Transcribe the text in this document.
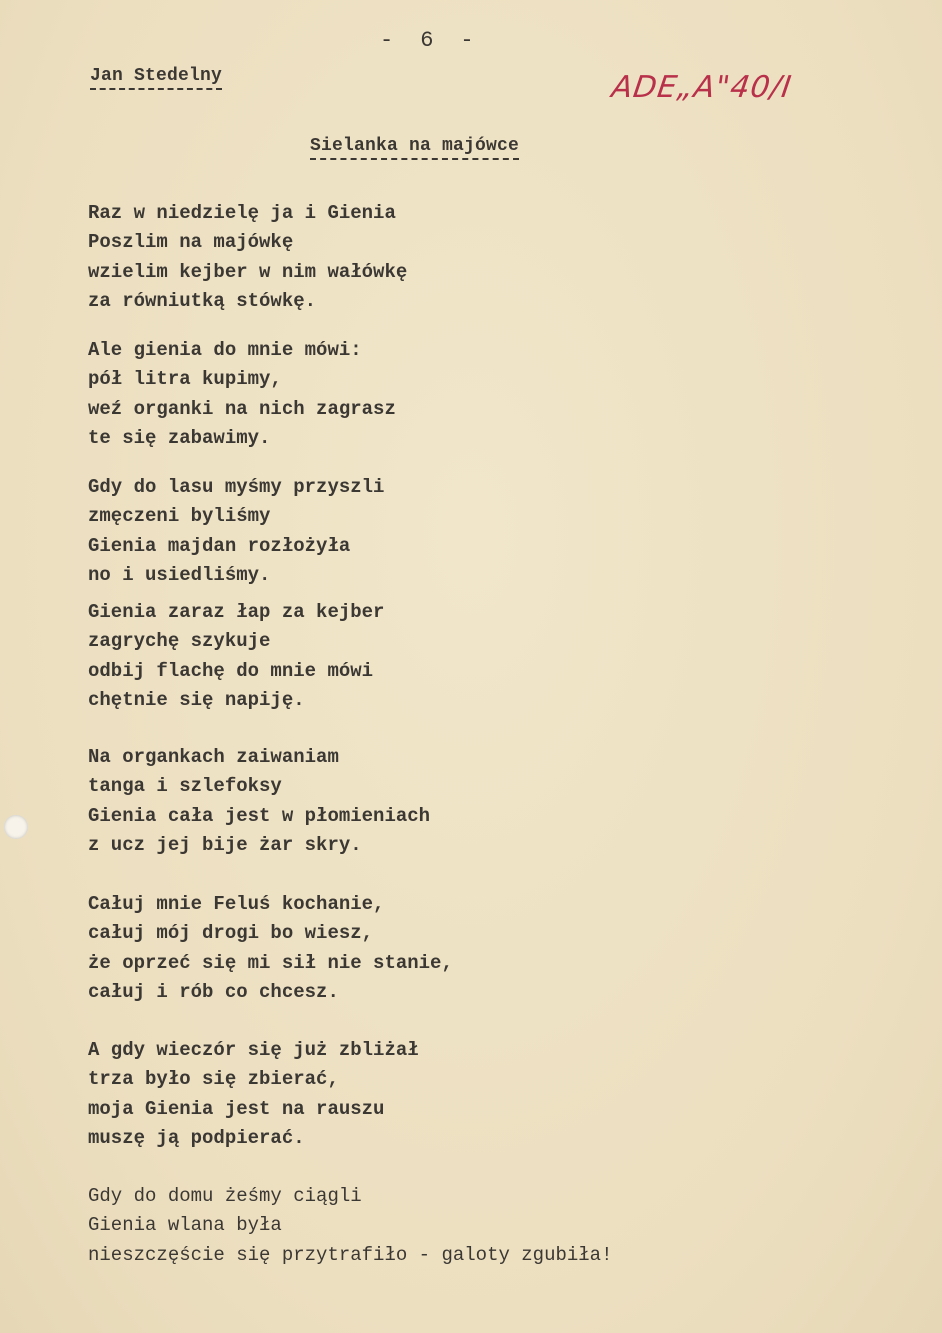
-  6  -
Jan Stedelny	ADE„A"40/I
Sielanka na majówce
Raz w niedzielę ja i Gienia
Poszlim na majówkę
wzielim kejber w nim wałówkę
za równiutką stówkę.
Ale gienia do mnie mówi:
pół litra kupimy,
weź organki na nich zagrasz
te się zabawimy.
Gdy do lasu myśmy przyszli
zmęczeni byliśmy
Gienia majdan rozłożyła
no i usiedliśmy.
Gienia zaraz łap za kejber
zagrychę szykuje
odbij flachę do mnie mówi
chętnie się napiję.
Na organkach zaiwaniam
tanga i szlefoksy
Gienia cała jest w płomieniach
z ucz jej bije żar skry.
Całuj mnie Feluś kochanie,
całuj mój drogi bo wiesz,
że oprzeć się mi sił nie stanie,
całuj i rób co chcesz.
A gdy wieczór się już zbliżał
trza było się zbierać,
moja Gienia jest na rauszu
muszę ją podpierać.
Gdy do domu żeśmy ciągli
Gienia wlana była
nieszczęście się przytrafiło - galoty zgubiła!
